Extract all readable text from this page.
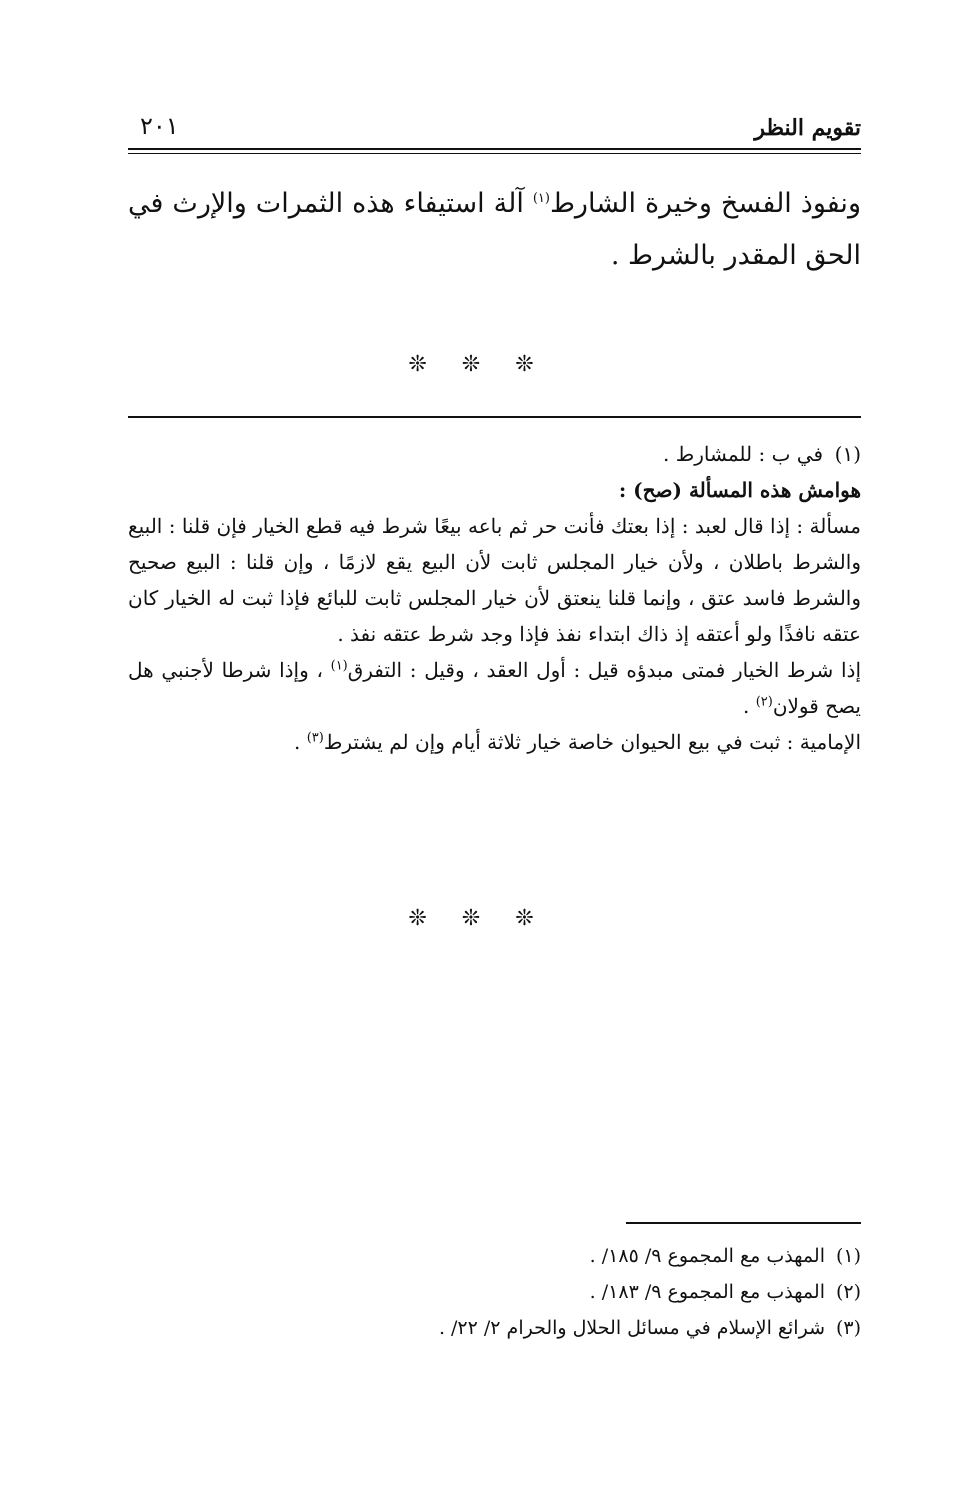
تقويم النظر
٢٠١

ونفوذ الفسخ وخيرة الشارط$^{(١)}$ آلة استيفاء هذه الثمرات والإرث في الحق المقدر بالشرط .

❊ ❊ ❊

(١)في ب : للمشارط .

هوامش هذه المسألة (صح) :

مسألة : إذا قال لعبد : إذا بعتك فأنت حر ثم باعه بيعًا شرط فيه قطع الخيار فإن قلنا : البيع والشرط باطلان ، ولأن خيار المجلس ثابت لأن البيع يقع لازمًا ، وإن قلنا : البيع صحيح والشرط فاسد عتق ، وإنما قلنا ينعتق لأن خيار المجلس ثابت للبائع فإذا ثبت له الخيار كان عتقه نافذًا ولو أعتقه إذ ذاك ابتداء نفذ فإذا وجد شرط عتقه نفذ .

إذا شرط الخيار فمتى مبدؤه قيل : أول العقد ، وقيل : التفرق$^{(١)}$ ، وإذا شرطا لأجنبي هل يصح قولان$^{(٢)}$ .

الإمامية : ثبت في بيع الحيوان خاصة خيار ثلاثة أيام وإن لم يشترط$^{(٣)}$ .

❊ ❊ ❊

(١)المهذب مع المجموع ٩/ ١٨٥/ .

(٢)المهذب مع المجموع ٩/ ١٨٣/ .

(٣)شرائع الإسلام في مسائل الحلال والحرام ٢/ ٢٢/ .
